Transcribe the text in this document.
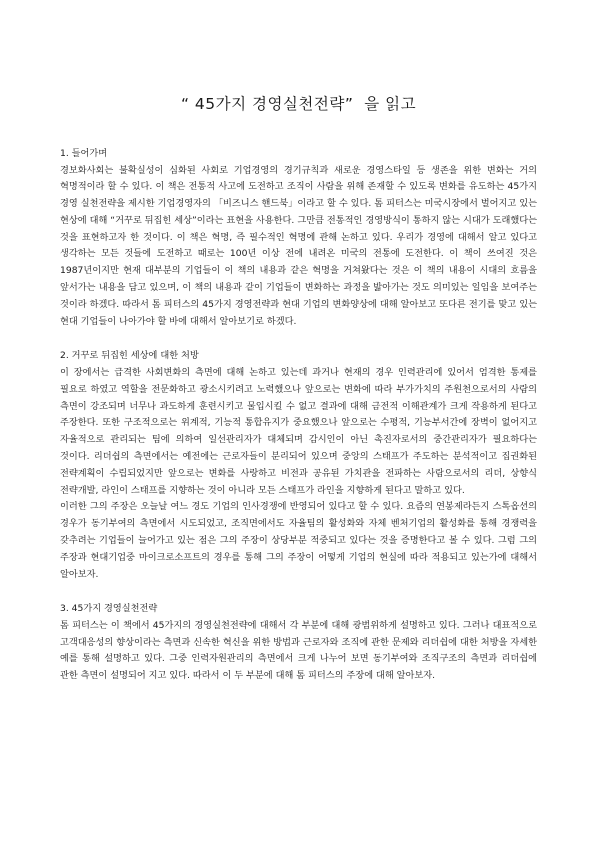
“ 45가지 경영실천전략”  을 읽고

1. 들어가며

경보화사회는 불확실성이 심화된 사회로 기업경영의 경기규칙과 새로운 경영스타일 등 생존을 위한 변화는 거의 혁명적이라 할 수 있다. 이 책은 전통적 사고에 도전하고 조직이 사람을 위해 존재할 수 있도록 변화를 유도하는 45가지 경영 실천전략을 제시한 기업경영자의 「비즈니스 핸드북」이라고 할 수 있다. 톰 피터스는 미국시장에서 벌어지고 있는 현상에 대해 “거꾸로 뒤집힌 세상”이라는 표현을 사용한다. 그만큼 전통적인 경영방식이 통하지 않는 시대가 도래했다는 것을 표현하고자 한 것이다. 이 책은 혁명, 즉 필수적인 혁명에 관해 논하고 있다. 우리가 경영에 대해서 알고 있다고 생각하는 모든 것들에 도전하고 때로는 100년 이상 전에 내려온 미국의 전통에 도전한다. 이 책이 쓰여진 것은 1987년이지만 현재 대부분의 기업들이 이 책의 내용과 같은 혁명을 거쳐왔다는 것은 이 책의 내용이 시대의 흐름을 앞서가는 내용을 담고 있으며, 이 책의 내용과 같이 기업들이 변화하는 과정을 밟아가는 것도 의미있는 일임을 보여주는 것이라 하겠다. 따라서 톰 피터스의 45가지 경영전략과 현대 기업의 변화양상에 대해 알아보고 또다른 전기를 맞고 있는 현대 기업들이 나아가야 할 바에 대해서 알아보기로 하겠다.

2. 거꾸로 뒤집힌 세상에 대한 처방

이 장에서는 급격한 사회변화의 측면에 대해 논하고 있는데 과거나 현재의 경우 인력관리에 있어서 엄격한 통제를 필요로 하였고 역할을 전문화하고 광소시키려고 노력했으나 앞으로는 변화에 따라 부가가치의 주원천으로서의 사람의 측면이 강조되며 너무나 과도하게 훈련시키고 물입시킬 수 없고 결과에 대해 금전적 이해관계가 크게 작용하게 된다고 주장한다. 또한 구조적으로는 위계적, 기능적 통합유지가 중요했으나 앞으로는 수평적, 기능부서간에 장벽이 없어지고 자율적으로 관리되는 팀에 의하여 일선관리자가 대체되며 감시인이 아닌 촉진자로서의 중간관리자가 필요하다는 것이다. 리더쉽의 측면에서는 예전에는 근로자들이 분리되어 있으며 중앙의 스태프가 주도하는 분석적이고 집권화된 전략계획이 수립되었지만 앞으로는 변화를 사랑하고 비전과 공유된 가치관을 전파하는 사람으로서의 리더, 상향식 전략개발, 라인이 스태프를 지향하는 것이 아니라 모든 스태프가 라인을 지향하게 된다고 말하고 있다.

이러한 그의 주장은 오늘날 여느 경도 기업의 인사경쟁에 반영되어 있다고 할 수 있다. 요즘의 연봉제라든지 스톡옵션의 경우가 동기부여의 측면에서 시도되었고, 조직면에서도 자율팀의 활성화와 자체 벤처기업의 활성화를 통해 경쟁력을 갖추려는 기업들이 늘어가고 있는 점은 그의 주장이 상당부분 적중되고 있다는 것을 증명한다고 볼 수 있다. 그럼 그의 주장과 현대기업중 마이크로소프트의 경우를 통해 그의 주장이 어떻게 기업의 현실에 따라 적용되고 있는가에 대해서 알아보자.

3. 45가지 경영실천전략

톰 피터스는 이 책에서 45가지의 경영실천전략에 대해서 각 부분에 대해 광범위하게 설명하고 있다. 그러나 대표적으로 고객대응성의 향상이라는 측면과 신속한 혁신을 위한 방법과 근로자와 조직에 관한 문제와 리더쉽에 대한 처방을 자세한 예를 통해 설명하고 있다. 그중 인력자원관리의 측면에서 크게 나누어 보면 동기부여와 조직구조의 측면과 리더쉽에 관한 측면이 설명되어 지고 있다. 따라서 이 두 부분에 대해 톰 피터스의 주장에 대해 알아보자.
